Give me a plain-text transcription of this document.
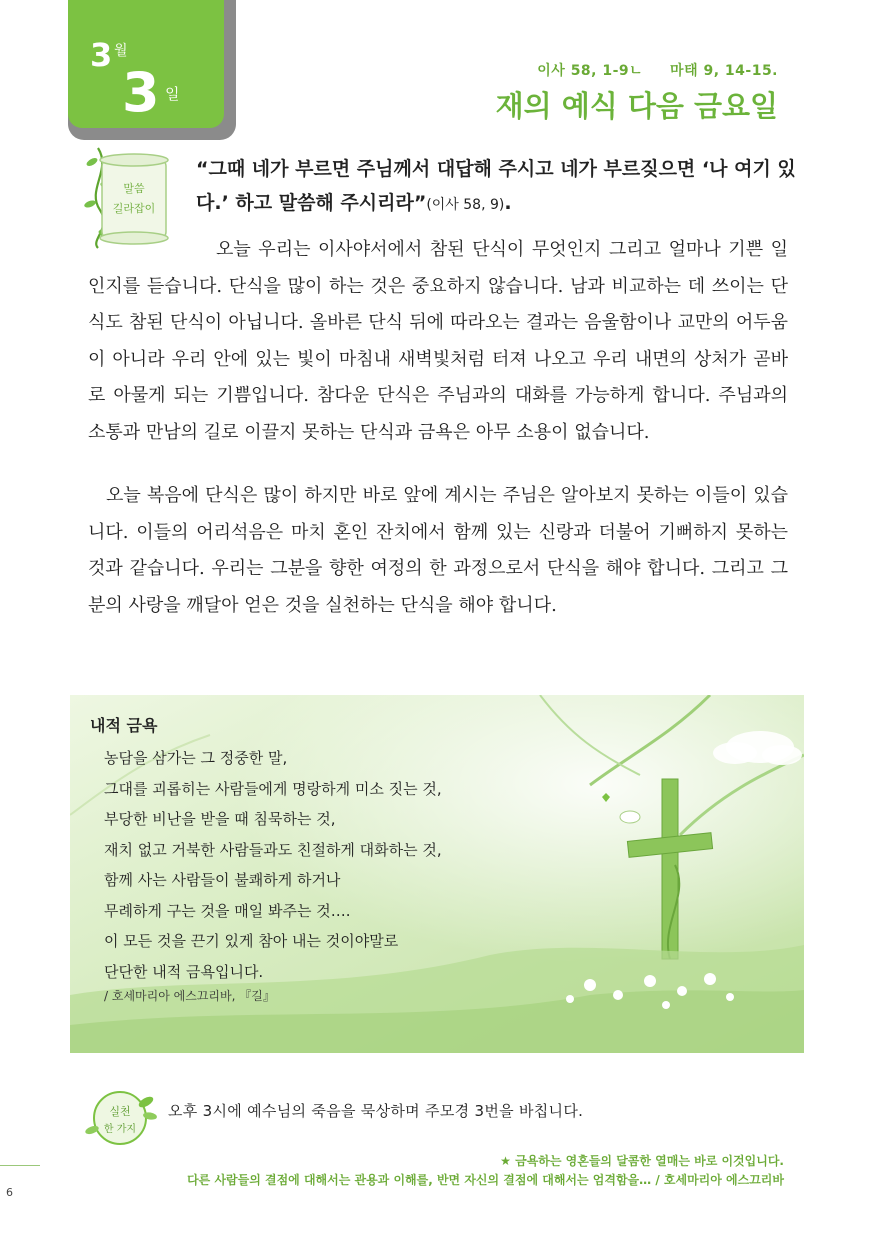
3 월
3 일
이사 58, 1-9ㄴ     마태 9, 14-15.
재의 예식 다음 금요일
말씀
길라잡이
“그때 네가 부르면 주님께서 대답해 주시고 네가 부르짖으면 ‘나 여기 있다.’ 하고 말씀해 주시리라”(이사 58, 9).
오늘 우리는 이사야서에서 참된 단식이 무엇인지 그리고 얼마나 기쁜 일인지를 듣습니다. 단식을 많이 하는 것은 중요하지 않습니다. 남과 비교하는 데 쓰이는 단식도 참된 단식이 아닙니다. 올바른 단식 뒤에 따라오는 결과는 음울함이나 교만의 어두움이 아니라 우리 안에 있는 빛이 마침내 새벽빛처럼 터져 나오고 우리 내면의 상처가 곧바로 아물게 되는 기쁨입니다. 참다운 단식은 주님과의 대화를 가능하게 합니다. 주님과의 소통과 만남의 길로 이끌지 못하는 단식과 금욕은 아무 소용이 없습니다.
오늘 복음에 단식은 많이 하지만 바로 앞에 계시는 주님은 알아보지 못하는 이들이 있습니다. 이들의 어리석음은 마치 혼인 잔치에서 함께 있는 신랑과 더불어 기뻐하지 못하는 것과 같습니다. 우리는 그분을 향한 여정의 한 과정으로서 단식을 해야 합니다. 그리고 그분의 사랑을 깨달아 얻은 것을 실천하는 단식을 해야 합니다.
내적 금욕
농담을 삼가는 그 정중한 말,
그대를 괴롭히는 사람들에게 명랑하게 미소 짓는 것,
부당한 비난을 받을 때 침묵하는 것,
재치 없고 거북한 사람들과도 친절하게 대화하는 것,
함께 사는 사람들이 불쾌하게 하거나
무례하게 구는 것을 매일 봐주는 것….
이 모든 것을 끈기 있게 참아 내는 것이야말로
단단한 내적 금욕입니다.
/ 호세마리아 에스끄리바, 『길』
실천
한 가지
오후 3시에 예수님의 죽음을 묵상하며 주모경 3번을 바칩니다.
★ 금욕하는 영혼들의 달콤한 열매는 바로 이것입니다.
다른 사람들의 결점에 대해서는 관용과 이해를, 반면 자신의 결점에 대해서는 엄격함을… / 호세마리아 에스끄리바
6
